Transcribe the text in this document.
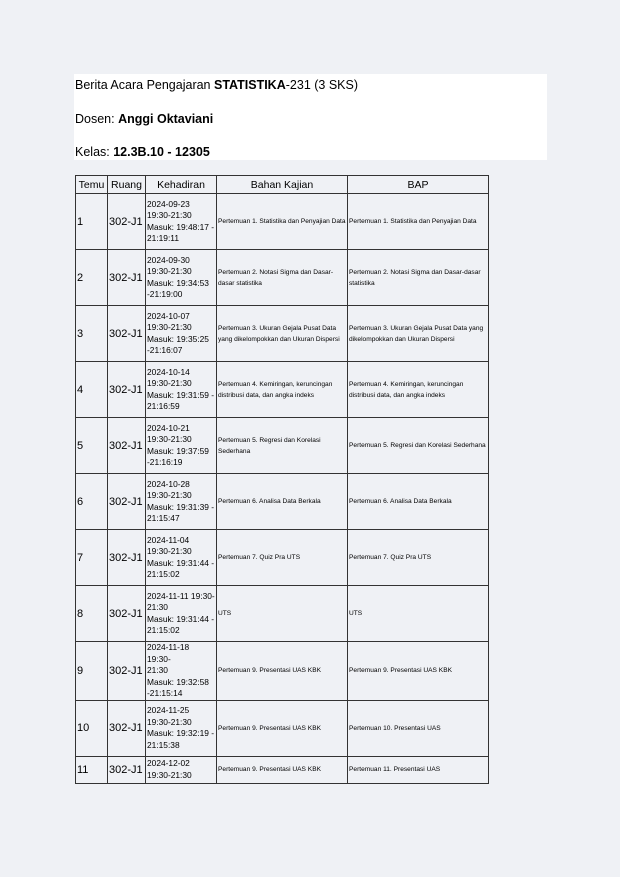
Berita Acara Pengajaran STATISTIKA-231 (3 SKS)
Dosen: Anggi Oktaviani
Kelas: 12.3B.10 - 12305
Temu	Ruang	Kehadiran	Bahan Kajian	BAP
1	302-J1	2024-09-23
19:30-21:30
Masuk: 19:48:17 -
21:19:11	Pertemuan 1. Statistika dan Penyajian Data	Pertemuan 1. Statistika dan Penyajian Data
2	302-J1	2024-09-30
19:30-21:30
Masuk: 19:34:53
-21:19:00	Pertemuan 2. Notasi Sigma dan Dasar-dasar statistika	Pertemuan 2. Notasi Sigma dan Dasar-dasar statistika
3	302-J1	2024-10-07
19:30-21:30
Masuk: 19:35:25
-21:16:07	Pertemuan 3. Ukuran Gejala Pusat Data yang dikelompokkan dan Ukuran Dispersi	Pertemuan 3. Ukuran Gejala Pusat Data yang dikelompokkan dan Ukuran Dispersi
4	302-J1	2024-10-14
19:30-21:30
Masuk: 19:31:59 -
21:16:59	Pertemuan 4. Kemiringan, keruncingan distribusi data, dan angka indeks	Pertemuan 4. Kemiringan, keruncingan distribusi data, dan angka indeks
5	302-J1	2024-10-21
19:30-21:30
Masuk: 19:37:59
-21:16:19	Pertemuan 5. Regresi dan Korelasi Sederhana	Pertemuan 5. Regresi dan Korelasi Sederhana
6	302-J1	2024-10-28
19:30-21:30
Masuk: 19:31:39 -
21:15:47	Pertemuan 6. Analisa Data Berkala	Pertemuan 6. Analisa Data Berkala
7	302-J1	2024-11-04
19:30-21:30
Masuk: 19:31:44 -
21:15:02	Pertemuan 7. Quiz Pra UTS	Pertemuan 7. Quiz Pra UTS
8	302-J1	2024-11-11 19:30-
21:30
Masuk: 19:31:44 -
21:15:02	UTS	UTS
9	302-J1	2024-11-18 19:30-
21:30
Masuk: 19:32:58
-21:15:14	Pertemuan 9. Presentasi UAS KBK	Pertemuan 9. Presentasi UAS KBK
10	302-J1	2024-11-25
19:30-21:30
Masuk: 19:32:19 -
21:15:38	Pertemuan 9. Presentasi UAS KBK	Pertemuan 10. Presentasi UAS
11	302-J1	2024-12-02
19:30-21:30	Pertemuan 9. Presentasi UAS KBK	Pertemuan 11. Presentasi UAS
